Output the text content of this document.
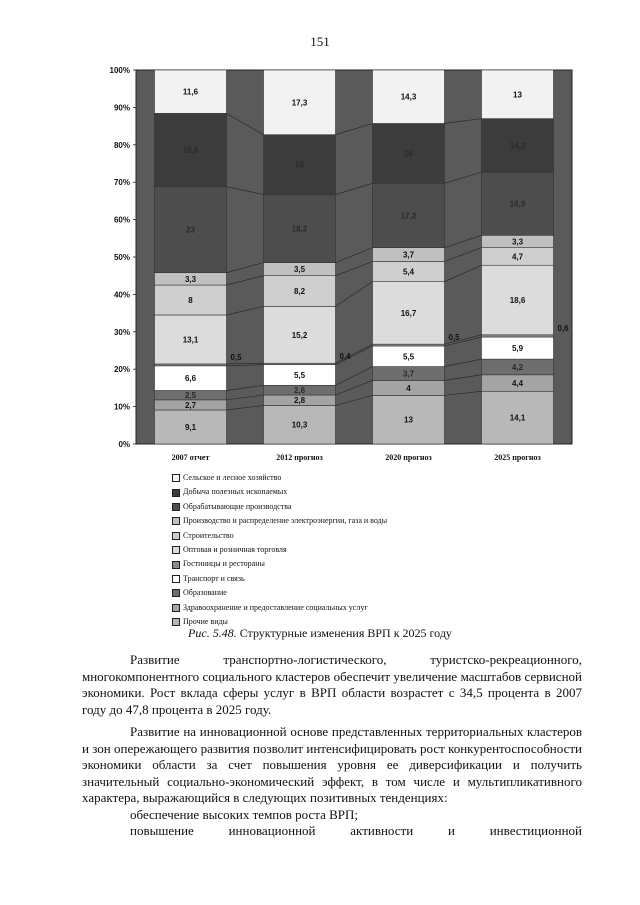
151
9,1
2,7
2,5
6,6
0,5
13,1
8
3,3
23
19,6
11,6
10,3
2,8
2,6
5,5
0,4
15,2
8,2
3,5
18,2
16
17,3
13
4
3,7
5,5
0,5
16,7
5,4
3,7
17,2
16
14,3
14,1
4,4
4,2
5,9
0,6
18,6
4,7
3,3
16,9
14,3
13
2007 отчет	2012 прогноз	2020 прогноз	2025 прогноз
0%
10%
20%
30%
40%
50%
60%
70%
80%
90%
100%
Сельское и лесное хозяйство
Добыча полезных ископаемых
Обрабатывающие производства
Производство и распределение электроэнергии, газа и воды
Строительство
Оптовая и розничная торговля
Гостиницы и рестораны
Транспорт и связь
Образование
Здравоохранение и предоставление социальных услуг
Прочие виды
Рис. 5.48. Структурные изменения ВРП к 2025 году

Развитие транспортно-логистического, туристско-рекреационного, многокомпонентного социального кластеров обеспечит увеличение масштабов сервисной экономики. Рост вклада сферы услуг в ВРП области возрастет с 34,5 процента в 2007 году до 47,8 процента в 2025 году.

Развитие на инновационной основе представленных территориальных кластеров и зон опережающего развития позволит интенсифицировать рост конкурентоспособности экономики области за счет повышения уровня ее диверсификации и получить значительный социально-экономический эффект, в том числе и мультипликативного характера, выражающийся в следующих позитивных тенденциях:

обеспечение высоких темпов роста ВРП;

повышение инновационной активности и инвестиционной
